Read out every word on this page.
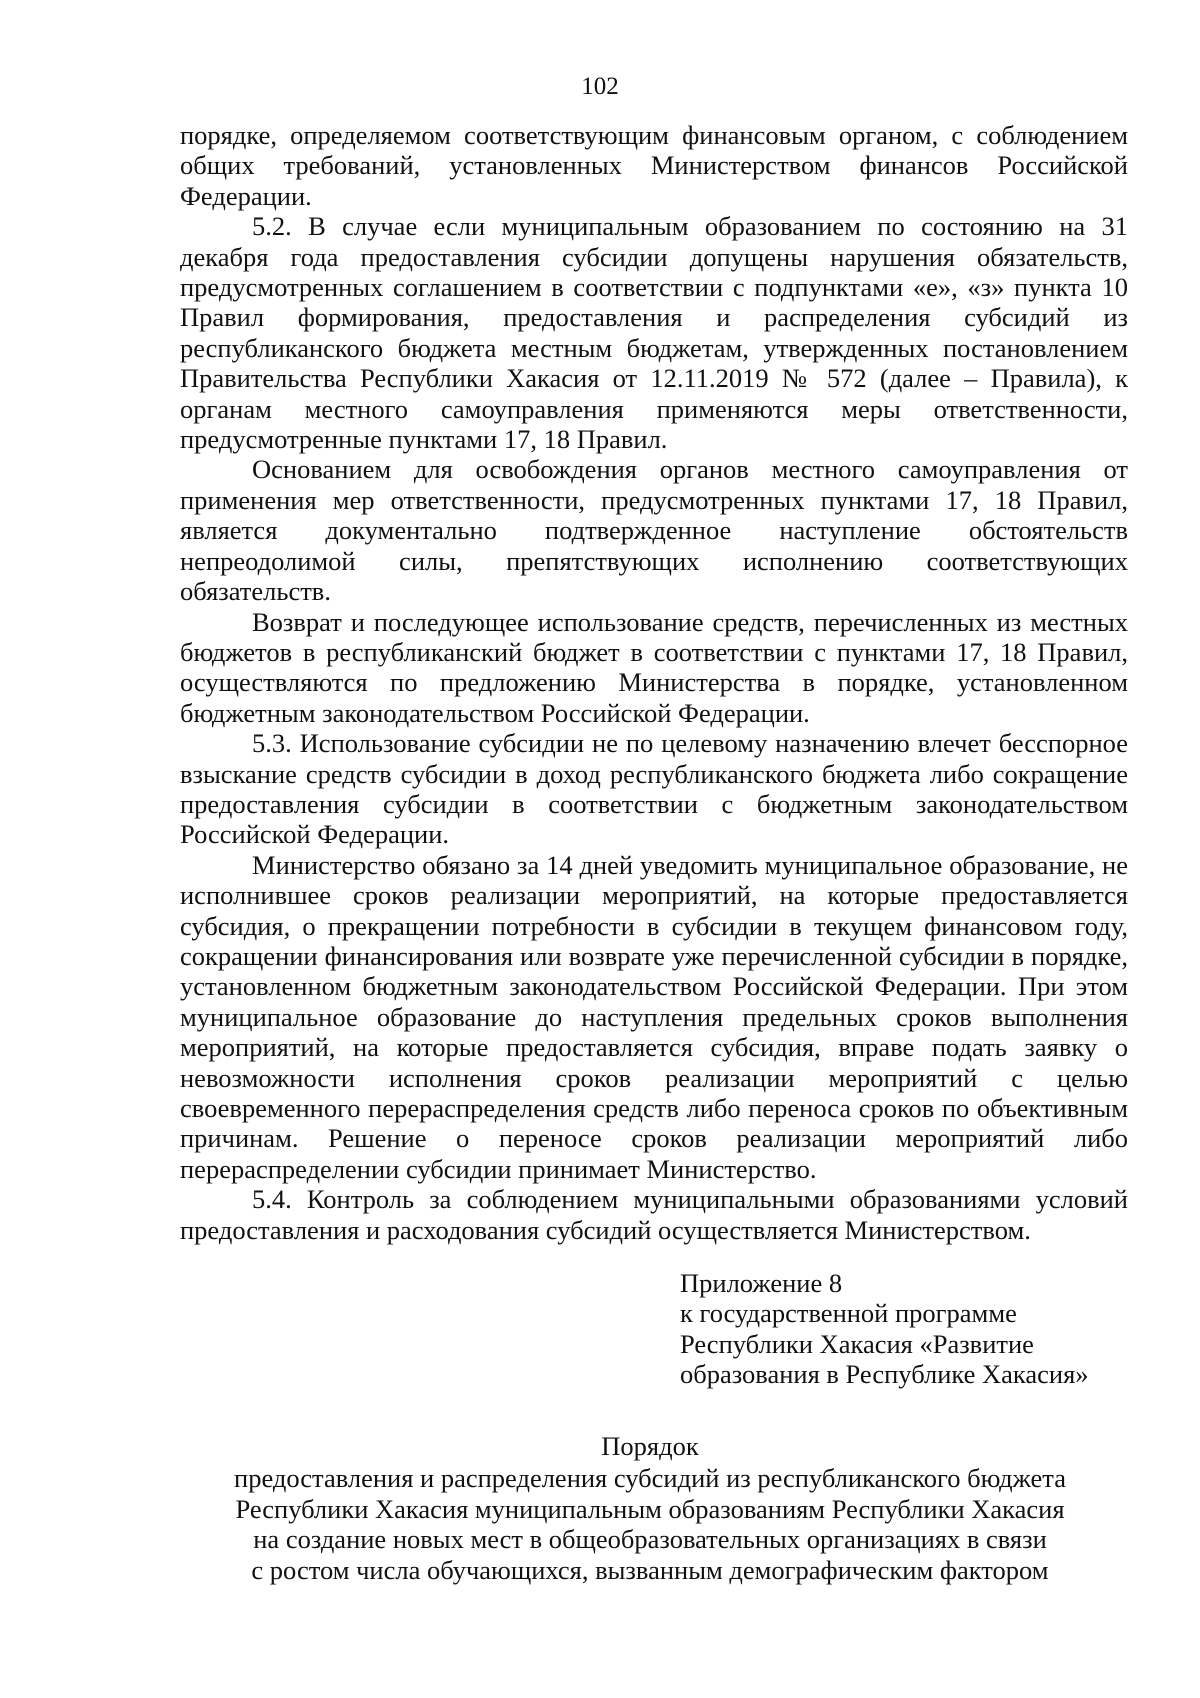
102

порядке, определяемом соответствующим финансовым органом, с соблюдением общих требований, установленных Министерством финансов Российской Федерации.

5.2. В случае если муниципальным образованием по состоянию на 31 декабря года предоставления субсидии допущены нарушения обязательств, предусмотренных соглашением в соответствии с подпунктами «е», «з» пункта 10 Правил формирования, предоставления и распределения субсидий из республиканского бюджета местным бюджетам, утвержденных постановлением Правительства Республики Хакасия от 12.11.2019 № 572 (далее – Правила), к органам местного самоуправления применяются меры ответственности, предусмотренные пунктами 17, 18 Правил.

Основанием для освобождения органов местного самоуправления от применения мер ответственности, предусмотренных пунктами 17, 18 Правил, является документально подтвержденное наступление обстоятельств непреодолимой силы, препятствующих исполнению соответствующих обязательств.

Возврат и последующее использование средств, перечисленных из местных бюджетов в республиканский бюджет в соответствии с пунктами 17, 18 Правил, осуществляются по предложению Министерства в порядке, установленном бюджетным законодательством Российской Федерации.

5.3. Использование субсидии не по целевому назначению влечет бесспорное взыскание средств субсидии в доход республиканского бюджета либо сокращение предоставления субсидии в соответствии с бюджетным законодательством Российской Федерации.

Министерство обязано за 14 дней уведомить муниципальное образование, не исполнившее сроков реализации мероприятий, на которые предоставляется субсидия, о прекращении потребности в субсидии в текущем финансовом году, сокращении финансирования или возврате уже перечисленной субсидии в порядке, установленном бюджетным законодательством Российской Федерации. При этом муниципальное образование до наступления предельных сроков выполнения мероприятий, на которые предоставляется субсидия, вправе подать заявку о невозможности исполнения сроков реализации мероприятий с целью своевременного перераспределения средств либо переноса сроков по объективным причинам. Решение о переносе сроков реализации мероприятий либо перераспределении субсидии принимает Министерство.

5.4. Контроль за соблюдением муниципальными образованиями условий предоставления и расходования субсидий осуществляется Министерством.

Приложение 8
к государственной программе
Республики Хакасия «Развитие
образования в Республике Хакасия»
Порядок
предоставления и распределения субсидий из республиканского бюджета
Республики Хакасия муниципальным образованиям Республики Хакасия
на создание новых мест в общеобразовательных организациях в связи
с ростом числа обучающихся, вызванным демографическим фактором
